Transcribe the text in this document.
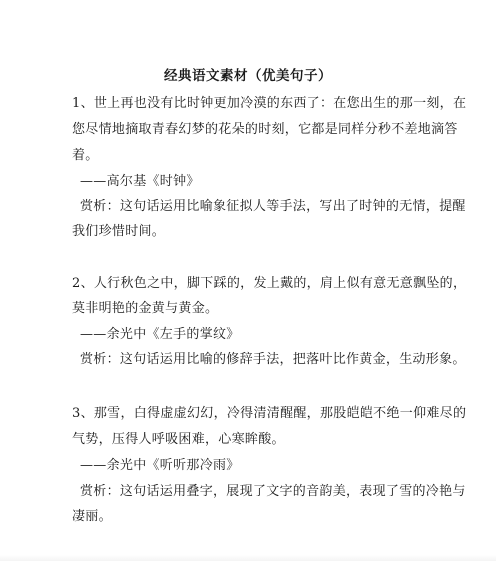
经典语文素材（优美句子）
1、世上再也没有比时钟更加冷漠的东西了：在您出生的那一刻，在
您尽情地摘取青春幻梦的花朵的时刻，它都是同样分秒不差地滴答
着。
——高尔基《时钟》
赏析：这句话运用比喻象征拟人等手法，写出了时钟的无情，提醒
我们珍惜时间。
2、人行秋色之中，脚下踩的，发上戴的，肩上似有意无意飘坠的，
莫非明艳的金黄与黄金。
——余光中《左手的掌纹》
赏析：这句话运用比喻的修辞手法，把落叶比作黄金，生动形象。
3、那雪，白得虚虚幻幻，冷得清清醒醒，那股皑皑不绝一仰难尽的
气势，压得人呼吸困难，心寒眸酸。
——余光中《听听那冷雨》
赏析：这句话运用叠字，展现了文字的音韵美，表现了雪的冷艳与
凄丽。
